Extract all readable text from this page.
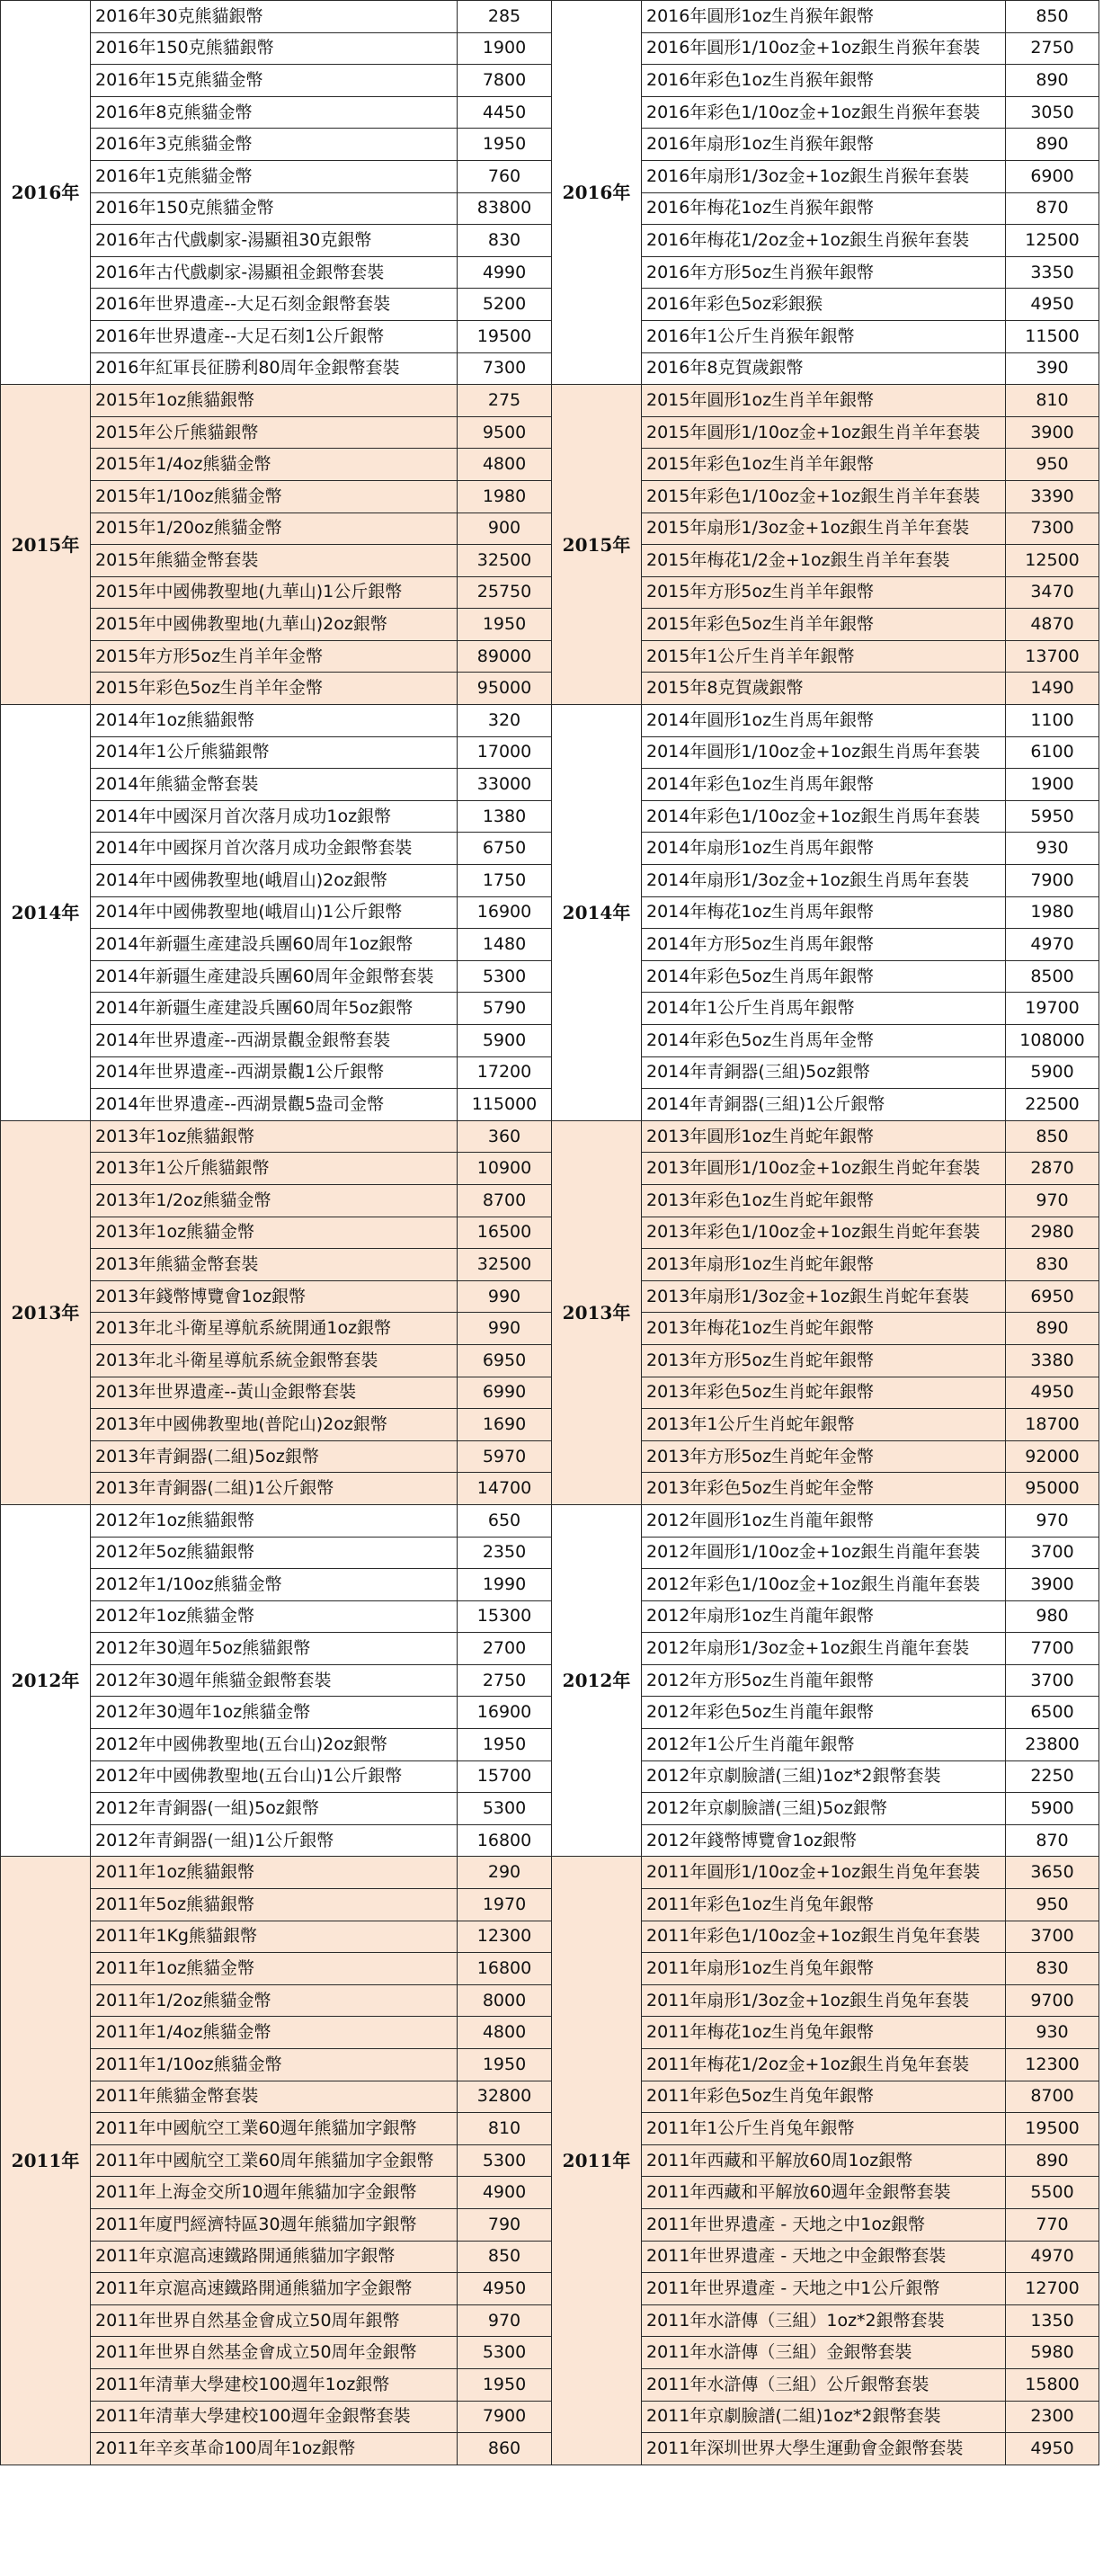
2016年	2016年30克熊貓銀幣	285	2016年	2016年圓形1oz生肖猴年銀幣	850
	2016年150克熊貓銀幣	1900		2016年圓形1/10oz金+1oz銀生肖猴年套裝	2750
	2016年15克熊貓金幣	7800		2016年彩色1oz生肖猴年銀幣	890
	2016年8克熊貓金幣	4450		2016年彩色1/10oz金+1oz銀生肖猴年套裝	3050
	2016年3克熊貓金幣	1950		2016年扇形1oz生肖猴年銀幣	890
	2016年1克熊貓金幣	760		2016年扇形1/3oz金+1oz銀生肖猴年套裝	6900
	2016年150克熊貓金幣	83800		2016年梅花1oz生肖猴年銀幣	870
	2016年古代戲劇家-湯顯祖30克銀幣	830		2016年梅花1/2oz金+1oz銀生肖猴年套裝	12500
	2016年古代戲劇家-湯顯祖金銀幣套裝	4990		2016年方形5oz生肖猴年銀幣	3350
	2016年世界遺產--大足石刻金銀幣套裝	5200		2016年彩色5oz彩銀猴	4950
	2016年世界遺產--大足石刻1公斤銀幣	19500		2016年1公斤生肖猴年銀幣	11500
	2016年紅軍長征勝利80周年金銀幣套裝	7300		2016年8克賀歲銀幣	390
2015年	2015年1oz熊貓銀幣	275	2015年	2015年圓形1oz生肖羊年銀幣	810
	2015年公斤熊貓銀幣	9500		2015年圓形1/10oz金+1oz銀生肖羊年套裝	3900
	2015年1/4oz熊貓金幣	4800		2015年彩色1oz生肖羊年銀幣	950
	2015年1/10oz熊貓金幣	1980		2015年彩色1/10oz金+1oz銀生肖羊年套裝	3390
	2015年1/20oz熊貓金幣	900		2015年扇形1/3oz金+1oz銀生肖羊年套裝	7300
	2015年熊貓金幣套裝	32500		2015年梅花1/2金+1oz銀生肖羊年套裝	12500
	2015年中國佛教聖地(九華山)1公斤銀幣	25750		2015年方形5oz生肖羊年銀幣	3470
	2015年中國佛教聖地(九華山)2oz銀幣	1950		2015年彩色5oz生肖羊年銀幣	4870
	2015年方形5oz生肖羊年金幣	89000		2015年1公斤生肖羊年銀幣	13700
	2015年彩色5oz生肖羊年金幣	95000		2015年8克賀歲銀幣	1490
2014年	2014年1oz熊貓銀幣	320	2014年	2014年圓形1oz生肖馬年銀幣	1100
	2014年1公斤熊貓銀幣	17000		2014年圓形1/10oz金+1oz銀生肖馬年套裝	6100
	2014年熊貓金幣套裝	33000		2014年彩色1oz生肖馬年銀幣	1900
	2014年中國深月首次落月成功1oz銀幣	1380		2014年彩色1/10oz金+1oz銀生肖馬年套裝	5950
	2014年中國探月首次落月成功金銀幣套裝	6750		2014年扇形1oz生肖馬年銀幣	930
	2014年中國佛教聖地(峨眉山)2oz銀幣	1750		2014年扇形1/3oz金+1oz銀生肖馬年套裝	7900
	2014年中國佛教聖地(峨眉山)1公斤銀幣	16900		2014年梅花1oz生肖馬年銀幣	1980
	2014年新疆生產建設兵團60周年1oz銀幣	1480		2014年方形5oz生肖馬年銀幣	4970
	2014年新疆生產建設兵團60周年金銀幣套裝	5300		2014年彩色5oz生肖馬年銀幣	8500
	2014年新疆生產建設兵團60周年5oz銀幣	5790		2014年1公斤生肖馬年銀幣	19700
	2014年世界遺產--西湖景觀金銀幣套裝	5900		2014年彩色5oz生肖馬年金幣	108000
	2014年世界遺產--西湖景觀1公斤銀幣	17200		2014年青銅器(三組)5oz銀幣	5900
	2014年世界遺產--西湖景觀5盎司金幣	115000		2014年青銅器(三組)1公斤銀幣	22500
2013年	2013年1oz熊貓銀幣	360	2013年	2013年圓形1oz生肖蛇年銀幣	850
	2013年1公斤熊貓銀幣	10900		2013年圓形1/10oz金+1oz銀生肖蛇年套裝	2870
	2013年1/2oz熊貓金幣	8700		2013年彩色1oz生肖蛇年銀幣	970
	2013年1oz熊貓金幣	16500		2013年彩色1/10oz金+1oz銀生肖蛇年套裝	2980
	2013年熊貓金幣套裝	32500		2013年扇形1oz生肖蛇年銀幣	830
	2013年錢幣博覽會1oz銀幣	990		2013年扇形1/3oz金+1oz銀生肖蛇年套裝	6950
	2013年北斗衛星導航系統開通1oz銀幣	990		2013年梅花1oz生肖蛇年銀幣	890
	2013年北斗衛星導航系統金銀幣套裝	6950		2013年方形5oz生肖蛇年銀幣	3380
	2013年世界遺產--黃山金銀幣套裝	6990		2013年彩色5oz生肖蛇年銀幣	4950
	2013年中國佛教聖地(普陀山)2oz銀幣	1690		2013年1公斤生肖蛇年銀幣	18700
	2013年青銅器(二組)5oz銀幣	5970		2013年方形5oz生肖蛇年金幣	92000
	2013年青銅器(二組)1公斤銀幣	14700		2013年彩色5oz生肖蛇年金幣	95000
2012年	2012年1oz熊貓銀幣	650	2012年	2012年圓形1oz生肖龍年銀幣	970
	2012年5oz熊貓銀幣	2350		2012年圓形1/10oz金+1oz銀生肖龍年套裝	3700
	2012年1/10oz熊貓金幣	1990		2012年彩色1/10oz金+1oz銀生肖龍年套裝	3900
	2012年1oz熊貓金幣	15300		2012年扇形1oz生肖龍年銀幣	980
	2012年30週年5oz熊貓銀幣	2700		2012年扇形1/3oz金+1oz銀生肖龍年套裝	7700
	2012年30週年熊貓金銀幣套裝	2750		2012年方形5oz生肖龍年銀幣	3700
	2012年30週年1oz熊貓金幣	16900		2012年彩色5oz生肖龍年銀幣	6500
	2012年中國佛教聖地(五台山)2oz銀幣	1950		2012年1公斤生肖龍年銀幣	23800
	2012年中國佛教聖地(五台山)1公斤銀幣	15700		2012年京劇臉譜(三組)1oz*2銀幣套裝	2250
	2012年青銅器(一組)5oz銀幣	5300		2012年京劇臉譜(三組)5oz銀幣	5900
	2012年青銅器(一組)1公斤銀幣	16800		2012年錢幣博覽會1oz銀幣	870
2011年	2011年1oz熊貓銀幣	290	2011年	2011年圓形1/10oz金+1oz銀生肖兔年套裝	3650
	2011年5oz熊貓銀幣	1970		2011年彩色1oz生肖兔年銀幣	950
	2011年1Kg熊貓銀幣	12300		2011年彩色1/10oz金+1oz銀生肖兔年套裝	3700
	2011年1oz熊貓金幣	16800		2011年扇形1oz生肖兔年銀幣	830
	2011年1/2oz熊貓金幣	8000		2011年扇形1/3oz金+1oz銀生肖兔年套裝	9700
	2011年1/4oz熊貓金幣	4800		2011年梅花1oz生肖兔年銀幣	930
	2011年1/10oz熊貓金幣	1950		2011年梅花1/2oz金+1oz銀生肖兔年套裝	12300
	2011年熊貓金幣套裝	32800		2011年彩色5oz生肖兔年銀幣	8700
	2011年中國航空工業60週年熊貓加字銀幣	810		2011年1公斤生肖兔年銀幣	19500
	2011年中國航空工業60周年熊貓加字金銀幣	5300		2011年西藏和平解放60周1oz銀幣	890
	2011年上海金交所10週年熊貓加字金銀幣	4900		2011年西藏和平解放60週年金銀幣套裝	5500
	2011年廈門經濟特區30週年熊貓加字銀幣	790		2011年世界遺產 - 天地之中1oz銀幣	770
	2011年京滬高速鐵路開通熊貓加字銀幣	850		2011年世界遺產 - 天地之中金銀幣套裝	4970
	2011年京滬高速鐵路開通熊貓加字金銀幣	4950		2011年世界遺產 - 天地之中1公斤銀幣	12700
	2011年世界自然基金會成立50周年銀幣	970		2011年水滸傳（三組）1oz*2銀幣套裝	1350
	2011年世界自然基金會成立50周年金銀幣	5300		2011年水滸傳（三組）金銀幣套裝	5980
	2011年清華大學建校100週年1oz銀幣	1950		2011年水滸傳（三組）公斤銀幣套裝	15800
	2011年清華大學建校100週年金銀幣套裝	7900		2011年京劇臉譜(二組)1oz*2銀幣套裝	2300
	2011年辛亥革命100周年1oz銀幣	860		2011年深圳世界大學生運動會金銀幣套裝	4950
